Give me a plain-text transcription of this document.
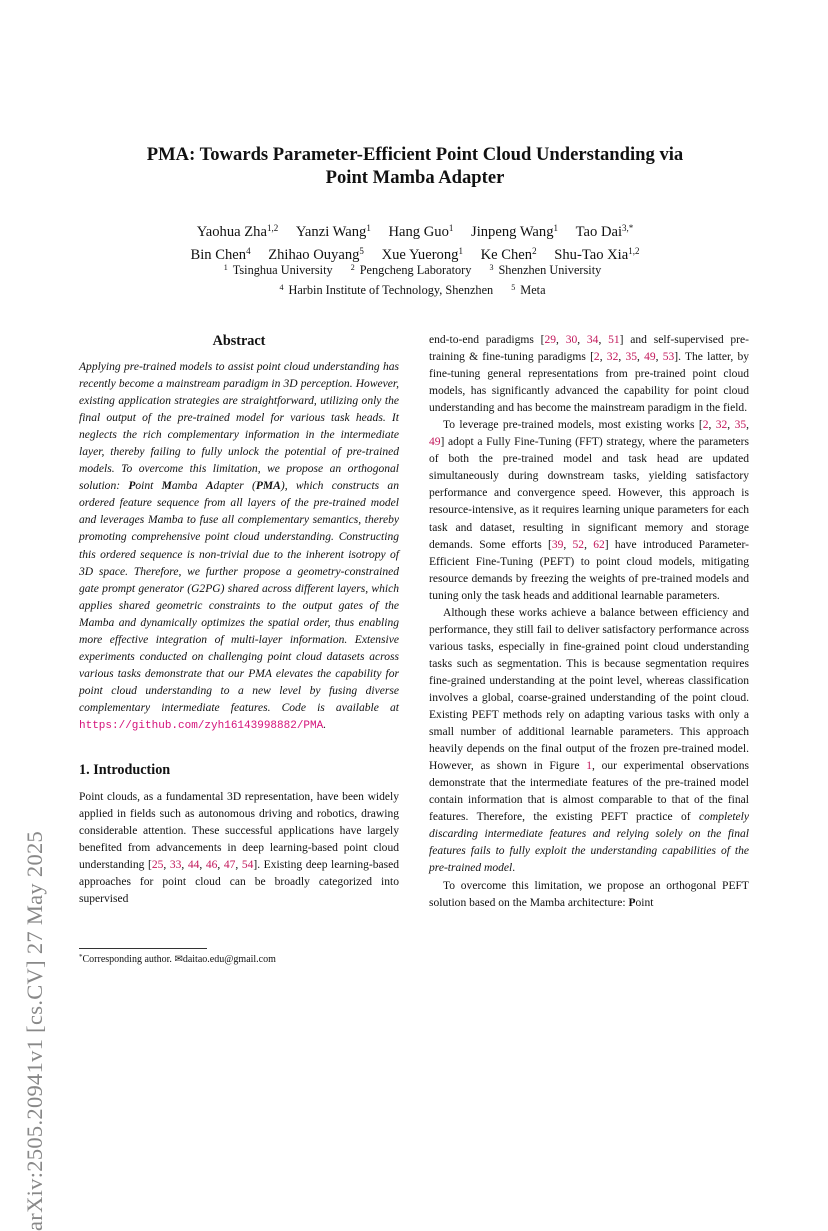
arXiv:2505.20941v1 [cs.CV] 27 May 2025
PMA: Towards Parameter-Efficient Point Cloud Understanding via
Point Mamba Adapter
Yaohua Zha$^{1,2}$ Yanzi Wang$^1$ Hang Guo$^1$ Jinpeng Wang$^1$ Tao Dai$^{3,*}$
Bin Chen$^4$ Zhihao Ouyang$^5$ Xue Yuerong$^1$ Ke Chen$^2$ Shu-Tao Xia$^{1,2}$
$^1$ Tsinghua University $^2$ Pengcheng Laboratory $^3$ Shenzhen University
$^4$ Harbin Institute of Technology, Shenzhen $^5$ Meta
Abstract

Applying pre-trained models to assist point cloud understanding has recently become a mainstream paradigm in 3D perception. However, existing application strategies are straightforward, utilizing only the final output of the pre-trained model for various task heads. It neglects the rich complementary information in the intermediate layer, thereby failing to fully unlock the potential of pre-trained models. To overcome this limitation, we propose an orthogonal solution: Point Mamba Adapter (PMA), which constructs an ordered feature sequence from all layers of the pre-trained model and leverages Mamba to fuse all complementary semantics, thereby promoting comprehensive point cloud understanding. Constructing this ordered sequence is non-trivial due to the inherent isotropy of 3D space. Therefore, we further propose a geometry-constrained gate prompt generator (G2PG) shared across different layers, which applies shared geometric constraints to the output gates of the Mamba and dynamically optimizes the spatial order, thus enabling more effective integration of multi-layer information. Extensive experiments conducted on challenging point cloud datasets across various tasks demonstrate that our PMA elevates the capability for point cloud understanding to a new level by fusing diverse complementary intermediate features. Code is available at https://github.com/zyh16143998882/PMA.

1. Introduction

Point clouds, as a fundamental 3D representation, have been widely applied in fields such as autonomous driving and robotics, drawing considerable attention. These successful applications have largely benefited from advancements in deep learning-based point cloud understanding [25, 33, 44, 46, 47, 54]. Existing deep learning-based approaches for point cloud can be broadly categorized into supervised

end-to-end paradigms [29, 30, 34, 51] and self-supervised pre-training & fine-tuning paradigms [2, 32, 35, 49, 53]. The latter, by fine-tuning general representations from pre-trained point cloud models, has significantly advanced the capability for point cloud understanding and has become the mainstream paradigm in the field.

To leverage pre-trained models, most existing works [2, 32, 35, 49] adopt a Fully Fine-Tuning (FFT) strategy, where the parameters of both the pre-trained model and task head are updated simultaneously during downstream tasks, yielding satisfactory performance and convergence speed. However, this approach is resource-intensive, as it requires learning unique parameters for each task and dataset, resulting in significant memory and storage demands. Some efforts [39, 52, 62] have introduced Parameter-Efficient Fine-Tuning (PEFT) to point cloud models, mitigating resource demands by freezing the weights of pre-trained models and tuning only the task heads and additional learnable parameters.

Although these works achieve a balance between efficiency and performance, they still fail to deliver satisfactory performance across various tasks, especially in fine-grained point cloud understanding tasks such as segmentation. This is because segmentation requires fine-grained understanding at the point level, whereas classification involves a global, coarse-grained understanding of the point cloud. Existing PEFT methods rely on adapting various tasks with only a small number of additional learnable parameters. This approach heavily depends on the final output of the frozen pre-trained model. However, as shown in Figure 1, our experimental observations demonstrate that the intermediate features of the pre-trained model contain information that is almost comparable to that of the final features. Therefore, the existing PEFT practice of completely discarding intermediate features and relying solely on the final features fails to fully exploit the understanding capabilities of the pre-trained model.

To overcome this limitation, we propose an orthogonal PEFT solution based on the Mamba architecture: Point

*Corresponding author. ✉daitao.edu@gmail.com
